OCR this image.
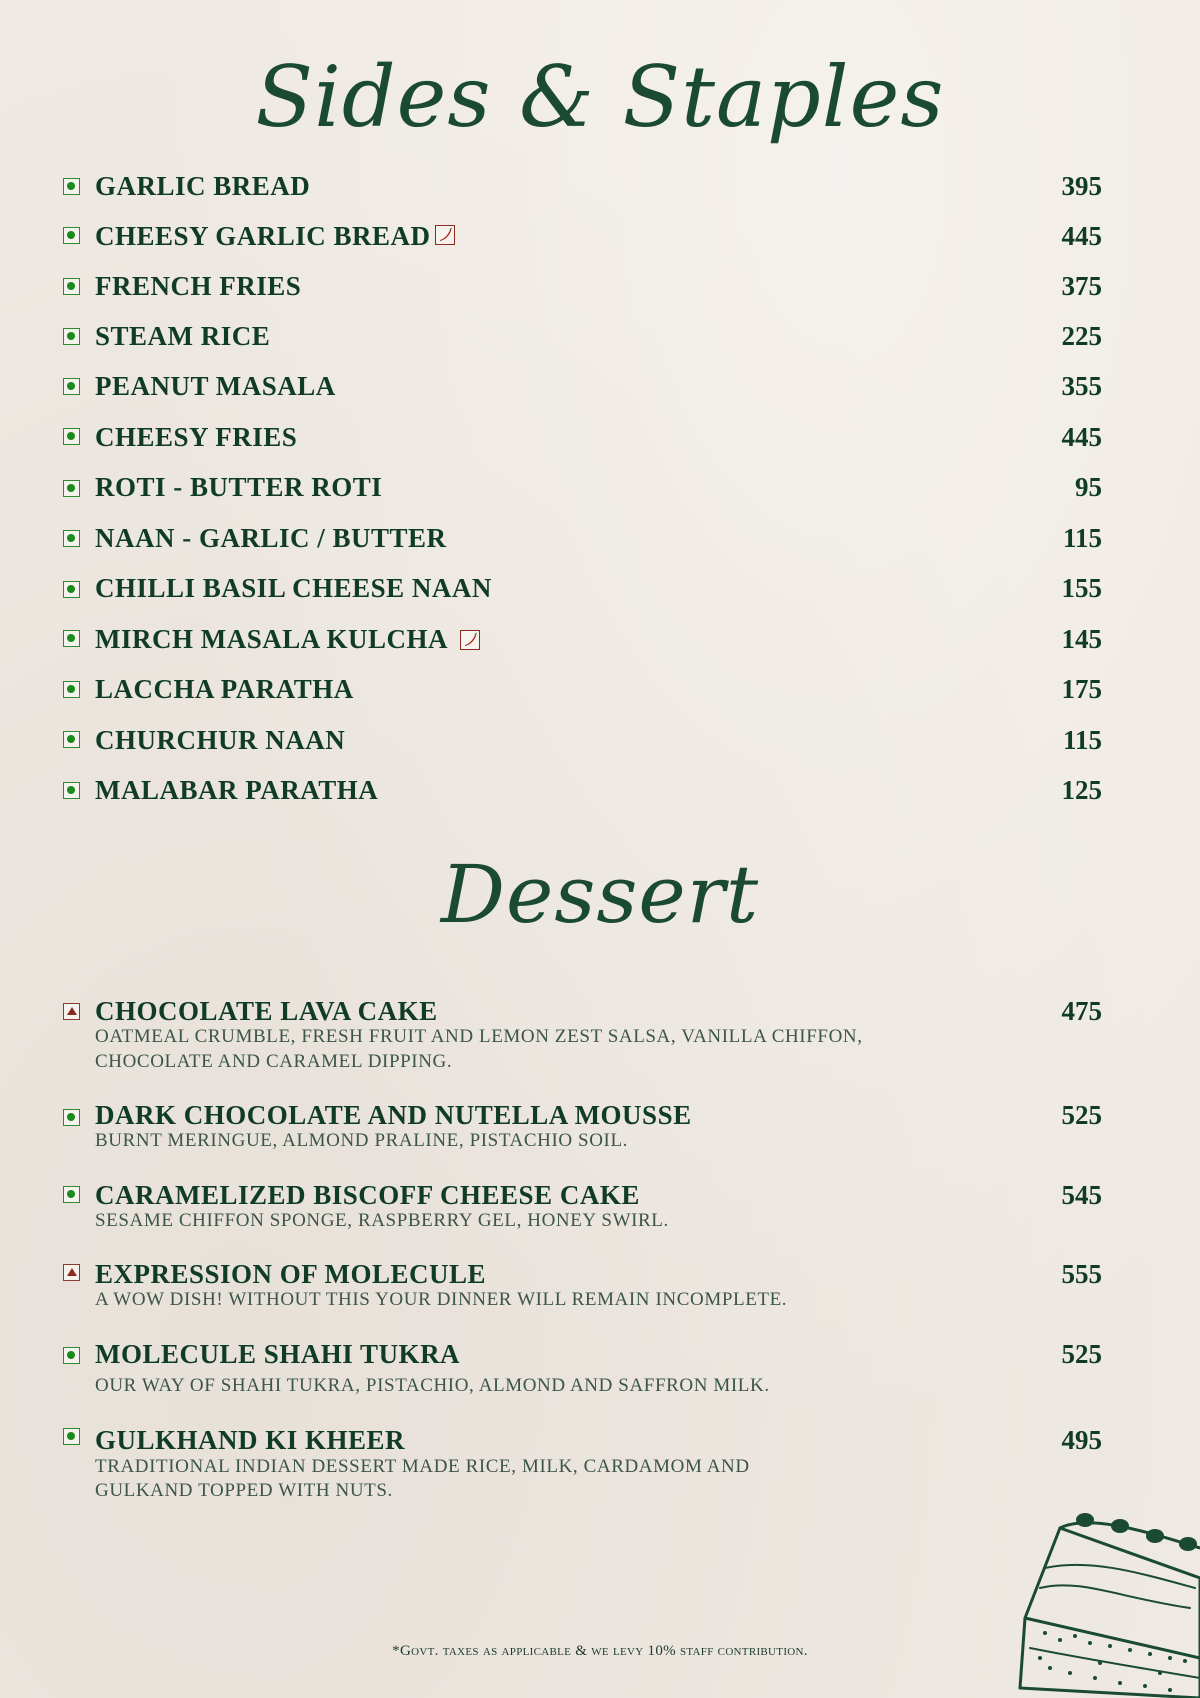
Sides & Staples
Dessert
GARLIC BREAD	395
CHEESY GARLIC BREAD	445
FRENCH FRIES	375
STEAM RICE	225
PEANUT MASALA	355
CHEESY FRIES	445
ROTI - BUTTER ROTI	95
NAAN - GARLIC / BUTTER	115
CHILLI BASIL CHEESE NAAN	155
MIRCH MASALA KULCHA	145
LACCHA PARATHA	175
CHURCHUR NAAN	115
MALABAR PARATHA	125
CHOCOLATE LAVA CAKE	475
OATMEAL CRUMBLE, FRESH FRUIT AND LEMON ZEST SALSA, VANILLA CHIFFON,
CHOCOLATE AND CARAMEL DIPPING.
DARK CHOCOLATE AND NUTELLA MOUSSE	525
BURNT MERINGUE, ALMOND PRALINE, PISTACHIO SOIL.
CARAMELIZED BISCOFF CHEESE CAKE	545
SESAME CHIFFON SPONGE, RASPBERRY GEL, HONEY SWIRL.
EXPRESSION OF MOLECULE	555
A WOW DISH! WITHOUT THIS YOUR DINNER WILL REMAIN INCOMPLETE.
MOLECULE SHAHI TUKRA	525
OUR WAY OF SHAHI TUKRA, PISTACHIO, ALMOND AND SAFFRON MILK.
GULKHAND KI KHEER	495
TRADITIONAL INDIAN DESSERT MADE RICE, MILK, CARDAMOM AND
GULKAND TOPPED WITH NUTS.
*Govt. taxes as applicable & we levy 10% staff contribution.
